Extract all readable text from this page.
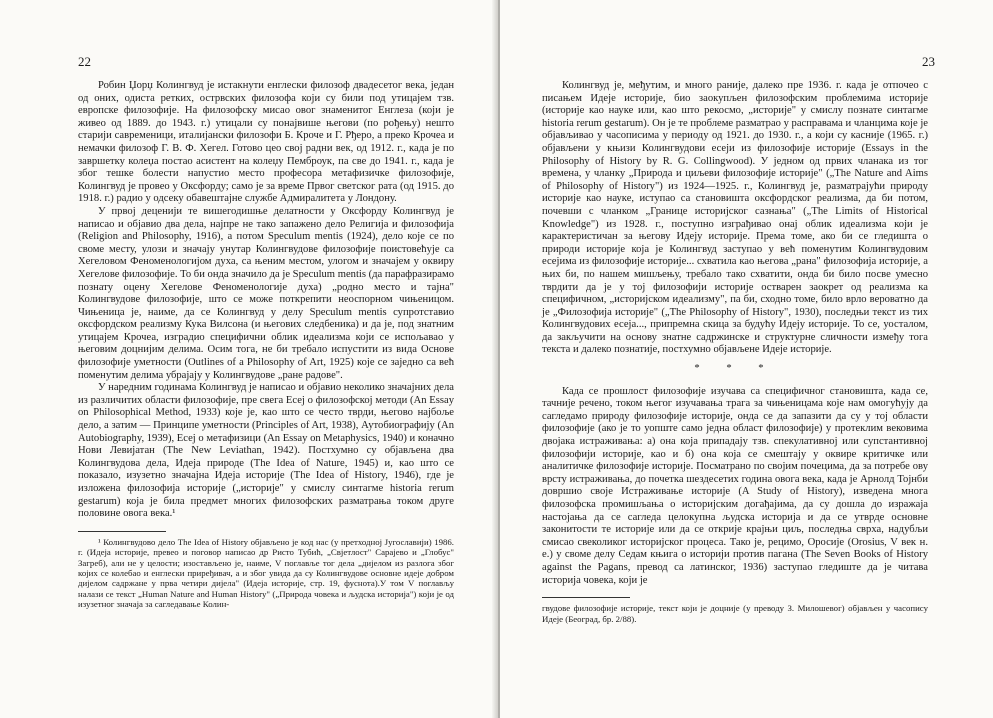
22

Робин Џорџ Колингвуд је истакнути енглески филозоф двадесетог века, један од оних, одиста ретких, острвских филозофа који су били под утицајем тзв. европске филозофије. На филозофску мисао овог знаменитог Енглеза (који је живео од 1889. до 1943. г.) утицали су понајвише његови (по рођењу) нешто старији савременици, италијански филозофи Б. Кроче и Г. Рђеро, а преко Крочеа и немачки филозоф Г. В. Ф. Хегел. Готово цео свој радни век, од 1912. г., када је по завршетку колеџа постао асистент на колеџу Пемброук, па све до 1941. г., када је због тешке болести напустио место професора метафизичке филозофије, Колингвуд је провео у Оксфорду; само је за време Првог светског рата (од 1915. до 1918. г.) радио у одсеку обавештајне службе Адмиралитета у Лондону.

У првој деценији те вишегодишње делатности у Оксфорду Колингвуд је написао и објавио два дела, најпре не тако запажено дело Религија и филозофија (Religion and Philosophy, 1916), а потом Speculum mentis (1924), дело које се по своме месту, улози и значају унутар Колингвудове филозофије поистовећује са Хегеловом Феноменологијом духа, са њеним местом, улогом и значајем у оквиру Хегелове филозофије. То би онда значило да је Speculum mentis (да парафразирамо познату оцену Хегелове Феноменологије духа) „родно место и тајна" Колингвудове филозофије, што се може поткрепити неоспорном чињеницом. Чињеница је, наиме, да се Колингвуд у делу Speculum mentis супротставио оксфордском реализму Кука Вилсона (и његових следбеника) и да је, под знатним утицајем Крочеа, изградио специфични облик идеализма који се испољавао у његовим доцнијим делима. Осим тога, не би требало испустити из вида Основе филозофије уметности (Outlines of a Philosophy of Art, 1925) које се заједно са већ поменутим делима убрајају у Колингвудове „ране радове".

У наредним годинама Колингвуд је написао и објавио неколико значајних дела из различитих области филозофије, пре свега Есеј о филозофској методи (An Essay on Philosophical Method, 1933) које је, као што се често тврди, његово најбоље дело, а затим — Принципе уметности (Principles of Art, 1938), Аутобиографију (An Autobiography, 1939), Есеј о метафизици (An Essay on Metaphysics, 1940) и коначно Нови Левијатан (The New Leviathan, 1942). Постхумно су објављена два Колингвудова дела, Идеја природе (The Idea of Nature, 1945) и, као што се показало, изузетно значајна Идеја историје (The Idea of History, 1946), где је изложена филозофија историје („историје" у смислу синтагме historia rerum gestarum) која је била предмет многих филозофских разматрања током друге половине овога века.¹

¹ Колингвудово дело The Idea of History објављено је код нас (у претходној Југославији) 1986. г. (Идеја историје, превео и поговор написао др Ристо Тубић, „Свјетлост" Сарајево и „Глобус" Загреб), али не у целости; изостављено је, наиме, V поглавље тог дела „дијелом из разлога због којих се колебао и енглески приређивач, а и због увида да су Колингвудове основне идеје добром дијелом садржане у прва четири дијела" (Идеја историје, стр. 19, фуснота).У том V поглављу налази се текст „Human Nature and Human History" („Природа човека и људска историја") који је од изузетног значаја за сагледавање Колин-

23

Колингвуд је, међутим, и много раније, далеко пре 1936. г. када је отпочео с писањем Идеје историје, био заокупљен филозофским проблемима историје (историје као науке или, као што рекосмо, „историје" у смислу познате синтагме historia rerum gestarum). Он је те проблеме разматрао у расправама и чланцима које је објављивао у часописима у периоду од 1921. до 1930. г., а који су касније (1965. г.) објављени у књизи Колингвудови есеји из филозофије историје (Essays in the Philosophy of History by R. G. Collingwood). У једном од првих чланака из тог времена, у чланку „Природа и циљеви филозофије историје" („The Nature and Aims of Philosophy of History") из 1924—1925. г., Колингвуд је, разматрајући природу историје као науке, иступао са становишта оксфордског реализма, да би потом, почевши с чланком „Границе историјског сазнања" („The Limits of Historical Knowledge") из 1928. г., поступно изграђивао онај облик идеализма који је карактеристичан за његову Идеју историје. Према томе, ако би се гледишта о природи историје која је Колингвуд заступао у већ поменутим Колингвудовим есејима из филозофије историје... схватила као његова „рана" филозофија историје, а њих би, по нашем мишљењу, требало тако схватити, онда би било посве умесно тврдити да је у тој филозофији историје остварен заокрет од реализма ка специфичном, „историјском идеализму", па би, сходно томе, било врло вероватно да је „Филозофија историје" („The Philosophy of History", 1930), последњи текст из тих Колингвудових есеја..., припремна скица за будућу Идеју историје. То се, уосталом, да закључити на основу знатне садржинске и структурне сличности између тога текста и далеко познатије, постхумно објављене Идеје историје.

* * *

Када се прошлост филозофије изучава са специфичног становишта, када се, тачније речено, током његог изучавања трага за чињеницама које нам омогућују да сагледамо природу филозофије историје, онда се да запазити да су у тој области филозофије (ако је то уопште само једна област филозофије) у протеклим вековима двојака истраживања: а) она која припадају тзв. спекулативној или супстантивној филозофији историје, као и б) она која се смештају у оквире критичке или аналитичке филозофије историје. Посматрано по својим почецима, да за потребе ову врсту истраживања, до почетка шездесетих година овога века, када је Арнолд Тојнби довршио своје Истраживање историје (A Study of History), изведена многа филозофска промишљања о историјским догађајима, да су дошла до изражаја настојања да се сагледа целокупна људска историја и да се утврде основне законитости те историје или да се открије крајњи циљ, последња сврха, надубљи смисао свеколиког историјског процеса. Тако је, рецимо, Оросије (Orosius, V век н. е.) у своме делу Седам књига о историји против пагана (The Seven Books of History against the Pagans, превод са латинског, 1936) заступао гледиште да је читава историја човека, који је

гвудове филозофије историје, текст који је доцније (у преводу З. Милошевог) објављен у часопису Идеје (Београд, бр. 2/88).
